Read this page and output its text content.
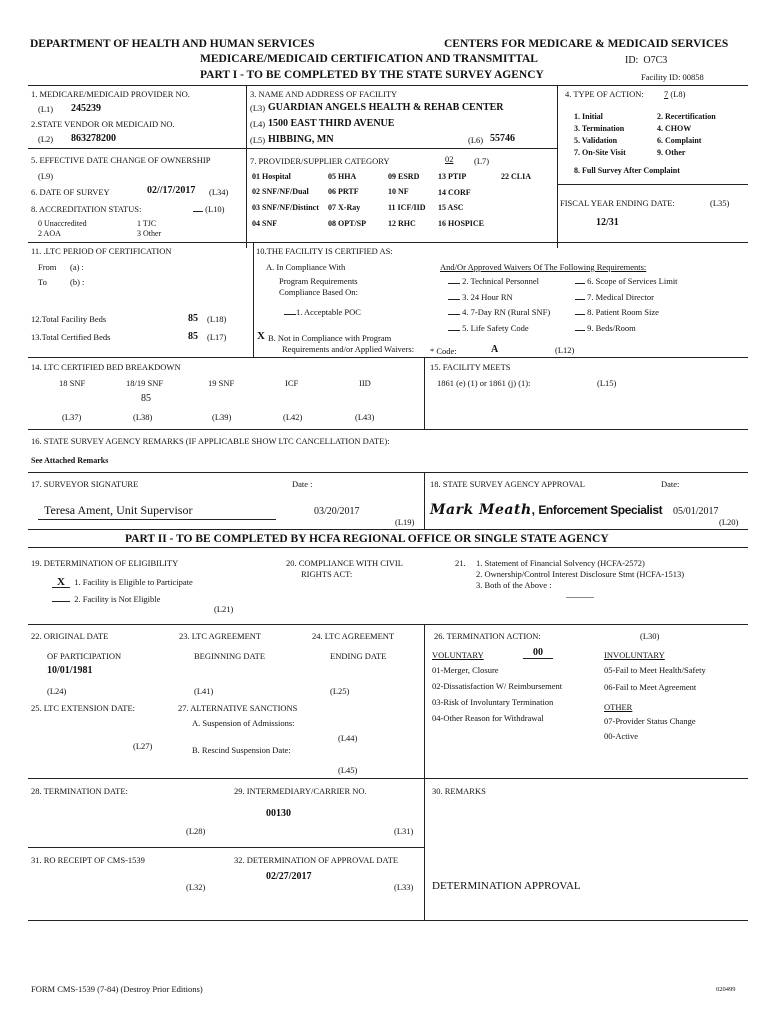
DEPARTMENT OF HEALTH AND HUMAN SERVICES	CENTERS FOR MEDICARE & MEDICAID SERVICES
MEDICARE/MEDICAID CERTIFICATION AND TRANSMITTAL	ID: O7C3
PART I - TO BE COMPLETED BY THE STATE SURVEY AGENCY	Facility ID: 00858
1. MEDICARE/MEDICAID PROVIDER NO.
(L1) 245239
2.STATE VENDOR OR MEDICAID NO.
(L2) 863278200
3. NAME AND ADDRESS OF FACILITY
(L3) GUARDIAN ANGELS HEALTH & REHAB CENTER
(L4) 1500 EAST THIRD AVENUE
(L5) HIBBING, MN	(L6) 55746
4. TYPE OF ACTION: 7 (L8)
1. Initial	2. Recertification
3. Termination	4. CHOW
5. Validation	6. Complaint
7. On-Site Visit	9. Other
8. Full Survey After Complaint
FISCAL YEAR ENDING DATE:	(L35)
12/31
5. EFFECTIVE DATE CHANGE OF OWNERSHIP
(L9)
6. DATE OF SURVEY	02//17/2017 (L34)
8. ACCREDITATION STATUS:	(L10)
0 Unaccredited	1 TJC
2 AOA	3 Other
7. PROVIDER/SUPPLIER CATEGORY	02 (L7)
01 Hospital	05 HHA	09 ESRD 13 PTIP	22 CLIA
02 SNF/NF/Dual 06 PRTF	10 NF	14 CORF
03 SNF/NF/Distinct 07 X-Ray	11 ICF/IID 15 ASC
04 SNF	08 OPT/SP	12 RHC	16 HOSPICE
11. .LTC PERIOD OF CERTIFICATION
From (a) :
To	(b) :
12.Total Facility Beds	85 (L18)
13.Total Certified Beds	85 (L17)
10.THE FACILITY IS CERTIFIED AS:
A. In Compliance With
Program Requirements
Compliance Based On:
1. Acceptable POC
X B. Not in Compliance with Program
Requirements and/or Applied Waivers:
And/Or Approved Waivers Of The Following Requirements:
2. Technical Personnel
3. 24 Hour RN
4. 7-Day RN (Rural SNF)
5. Life Safety Code
6. Scope of Services Limit
7. Medical Director
8. Patient Room Size
9. Beds/Room
* Code:	A	(L12)
14. LTC CERTIFIED BED BREAKDOWN
18 SNF	18/19 SNF	19 SNF	ICF	IID
85
(L37)	(L38)	(L39)	(L42)	(L43)
15. FACILITY MEETS
1861 (e) (1) or 1861 (j) (1):	(L15)
16. STATE SURVEY AGENCY REMARKS (IF APPLICABLE SHOW LTC CANCELLATION DATE):
See Attached Remarks
17. SURVEYOR SIGNATURE	Date :
Teresa Ament, Unit Supervisor	03/20/2017
(L19)
18. STATE SURVEY AGENCY APPROVAL	Date:
Mark Meath, Enforcement Specialist 05/01/2017
(L20)
PART II - TO BE COMPLETED BY HCFA REGIONAL OFFICE OR SINGLE STATE AGENCY
19. DETERMINATION OF ELIGIBILITY
X 1. Facility is Eligible to Participate
2. Facility is Not Eligible
(L21)
20. COMPLIANCE WITH CIVIL
RIGHTS ACT:
21. 1. Statement of Financial Solvency (HCFA-2572)
2. Ownership/Control Interest Disclosure Stmt (HCFA-1513)
3. Both of the Above :
22. ORIGINAL DATE
OF PARTICIPATION
10/01/1981
(L24)
23. LTC AGREEMENT
BEGINNING DATE
(L41)
24. LTC AGREEMENT
ENDING DATE
(L25)
25. LTC EXTENSION DATE:
(L27)
27. ALTERNATIVE SANCTIONS
A. Suspension of Admissions:
(L44)
B. Rescind Suspension Date:
(L45)
26. TERMINATION ACTION:	(L30)
VOLUNTARY	00	INVOLUNTARY
01-Merger, Closure
02-Dissatisfaction W/ Reimbursement
03-Risk of Involuntary Termination
04-Other Reason for Withdrawal
05-Fail to Meet Health/Safety
06-Fail to Meet Agreement
OTHER
07-Provider Status Change
00-Active
28. TERMINATION DATE:
(L28)
29. INTERMEDIARY/CARRIER NO.
00130
(L31)
30. REMARKS
31. RO RECEIPT OF CMS-1539
(L32)
32. DETERMINATION OF APPROVAL DATE
02/27/2017
(L33) DETERMINATION APPROVAL
FORM CMS-1539 (7-84) (Destroy Prior Editions)	020499
